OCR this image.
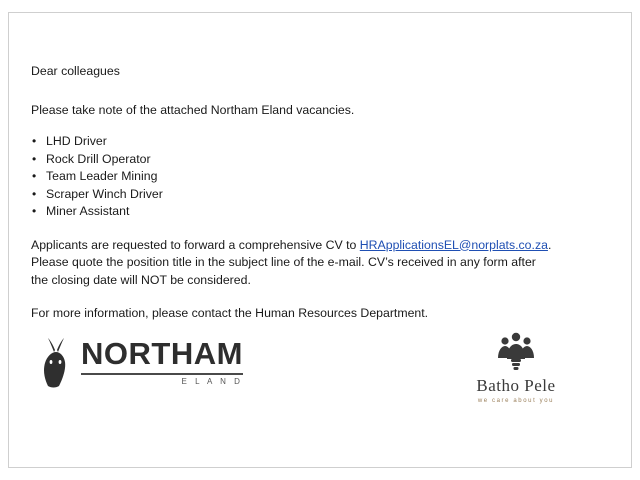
Dear colleagues

Please take note of the attached Northam Eland vacancies.

• LHD Driver
• Rock Drill Operator
• Team Leader Mining
• Scraper Winch Driver
• Miner Assistant

Applicants are requested to forward a comprehensive CV to HRApplicationsEL@norplats.co.za.
Please quote the position title in the subject line of the e-mail. CV’s received in any form after
the closing date will NOT be considered.

For more information, please contact the Human Resources Department.

NORTHAM
E L A N D	Batho Pele
we care about you
